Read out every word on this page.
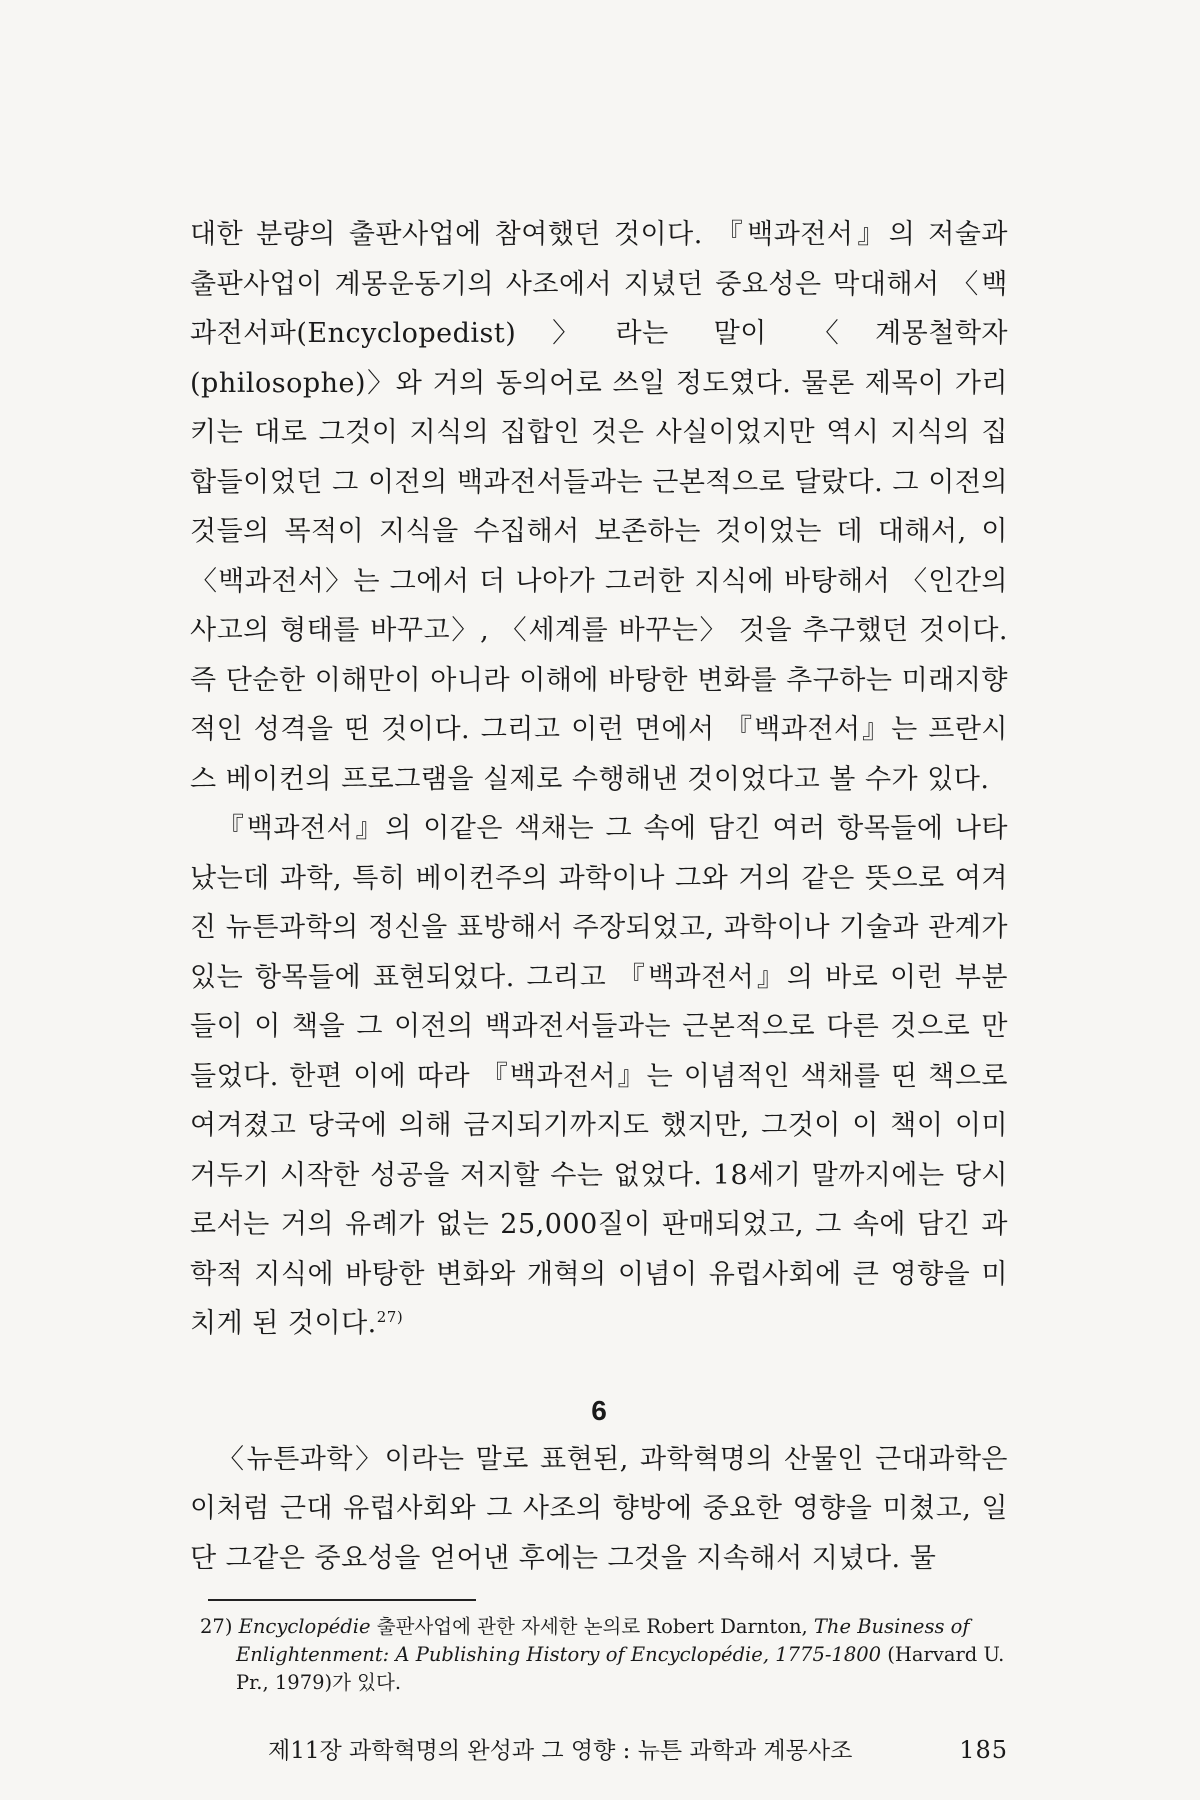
대한 분량의 출판사업에 참여했던 것이다. 『백과전서』의 저술과 출판사업이 계몽운동기의 사조에서 지녔던 중요성은 막대해서 〈백과전서파(Encyclopedist)〉라는 말이 〈계몽철학자(philosophe)〉와 거의 동의어로 쓰일 정도였다. 물론 제목이 가리키는 대로 그것이 지식의 집합인 것은 사실이었지만 역시 지식의 집합들이었던 그 이전의 백과전서들과는 근본적으로 달랐다. 그 이전의 것들의 목적이 지식을 수집해서 보존하는 것이었는 데 대해서, 이 〈백과전서〉는 그에서 더 나아가 그러한 지식에 바탕해서 〈인간의 사고의 형태를 바꾸고〉, 〈세계를 바꾸는〉 것을 추구했던 것이다. 즉 단순한 이해만이 아니라 이해에 바탕한 변화를 추구하는 미래지향적인 성격을 띤 것이다. 그리고 이런 면에서 『백과전서』는 프란시스 베이컨의 프로그램을 실제로 수행해낸 것이었다고 볼 수가 있다.

『백과전서』의 이같은 색채는 그 속에 담긴 여러 항목들에 나타났는데 과학, 특히 베이컨주의 과학이나 그와 거의 같은 뜻으로 여겨진 뉴튼과학의 정신을 표방해서 주장되었고, 과학이나 기술과 관계가 있는 항목들에 표현되었다. 그리고 『백과전서』의 바로 이런 부분들이 이 책을 그 이전의 백과전서들과는 근본적으로 다른 것으로 만들었다. 한편 이에 따라 『백과전서』는 이념적인 색채를 띤 책으로 여겨졌고 당국에 의해 금지되기까지도 했지만, 그것이 이 책이 이미 거두기 시작한 성공을 저지할 수는 없었다. 18세기 말까지에는 당시로서는 거의 유례가 없는 25,000질이 판매되었고, 그 속에 담긴 과학적 지식에 바탕한 변화와 개혁의 이념이 유럽사회에 큰 영향을 미치게 된 것이다.$^{27)}$

6

〈뉴튼과학〉이라는 말로 표현된, 과학혁명의 산물인 근대과학은 이처럼 근대 유럽사회와 그 사조의 향방에 중요한 영향을 미쳤고, 일단 그같은 중요성을 얻어낸 후에는 그것을 지속해서 지녔다. 물

27) Encyclopédie 출판사업에 관한 자세한 논의로 Robert Darnton, The Business of Enlightenment: A Publishing History of Encyclopédie, 1775-1800 (Harvard U. Pr., 1979)가 있다.
제11장 과학혁명의 완성과 그 영향 : 뉴튼 과학과 계몽사조	185
